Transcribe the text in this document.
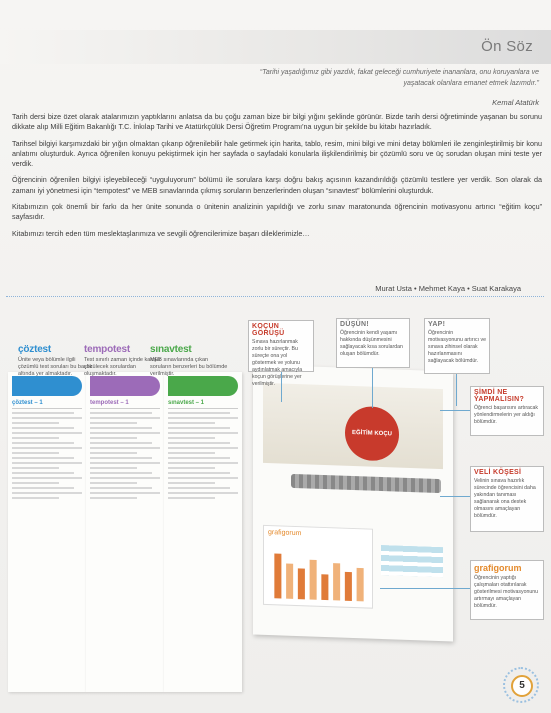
Ön Söz
“Tarihi yaşadığımız gibi yazdık, fakat geleceği cumhuriyete inananlara, onu koruyanlara ve yaşatacak olanlara emanet etmek lazımdır.”
Kemal Atatürk

Tarih dersi bize özet olarak atalarımızın yaptıklarını anlatsa da bu çoğu zaman bize bir bilgi yığını şeklinde görünür. Bizde tarih dersi öğretiminde yaşanan bu sorunu dikkate alıp Milli Eğitim Bakanlığı T.C. İnkılap Tarihi ve Atatürkçülük Dersi Öğretim Programı'na uygun bir şekilde bu kitabı hazırladık.

Tarihsel bilgiyi karşımızdaki bir yığın olmaktan çıkarıp öğrenilebilir hale getirmek için harita, tablo, resim, mini bilgi ve mini detay bölümleri ile zenginleştirilmiş bir konu anlatımı oluşturduk. Ayrıca öğrenilen konuyu pekiştirmek için her sayfada o sayfadaki konularla ilişkilendirilmiş bir çözümlü soru ve üç sorudan oluşan mini teste yer verdik.

Öğrencinin öğrenilen bilgiyi işleyebileceği “uyguluyorum” bölümü ile sorulara karşı doğru bakış açısının kazandırıldığı çözümlü testlere yer verdik. Son olarak da zamanı iyi yönetmesi için “tempotest” ve MEB sınavlarında çıkmış soruların benzerlerinden oluşan “sınavtest” bölümlerini oluşturduk.

Kitabımızın çok önemli bir farkı da her ünite sonunda o ünitenin analizinin yapıldığı ve zorlu sınav maratonunda öğrencinin motivasyonu artırıcı “eğitim koçu” sayfasıdır.

Kitabımızı tercih eden tüm meslektaşlarımıza ve sevgili öğrencilerimize başarı dileklerimizle…

Murat Usta • Mehmet Kaya • Suat Karakaya
çöztest – 1	tempotest – 1	sınavtest – 1
çöztest
Ünite veya bölümle ilgili çözümlü test soruları bu başlık altında yer almaktadır.
tempotest
Test sınırlı zaman içinde karışık çözülecek sorulardan oluşmaktadır.
sınavtest
MEB sınavlarında çıkan soruların benzerleri bu bölümde verilmiştir.
EĞİTİM KOÇU
grafigorum
KOÇUN GÖRÜŞÜ
Sınava hazırlanmak zorlu bir süreçtir. Bu süreçte ona yol göstermek ve yolunu aydınlatmak amacıyla koçun görüşlerine yer verilmiştir.
DÜŞÜN!
Öğrencinin kendi yaşamı hakkında düşünmesini sağlayacak kısa sorulardan oluşan bölümdür.
YAP!
Öğrencinin motivasyonunu artırıcı ve sınava zihinsel olarak hazırlanmasını sağlayacak bölümdür.
ŞİMDİ NE YAPMALISIN?
Öğrenci başarısını artıracak yönlendirmelerin yer aldığı bölümdür.
VELİ KÖŞESİ
Velinin sınava hazırlık sürecinde öğrencisini daha yakından tanıması sağlanarak ona destek olmasını amaçlayan bölümdür.
grafigorum
Öğrencinin yaptığı çalışmaları otattırılarak gösterilmesi motivasyonunu artırmayı amaçlayan bölümdür.
5
